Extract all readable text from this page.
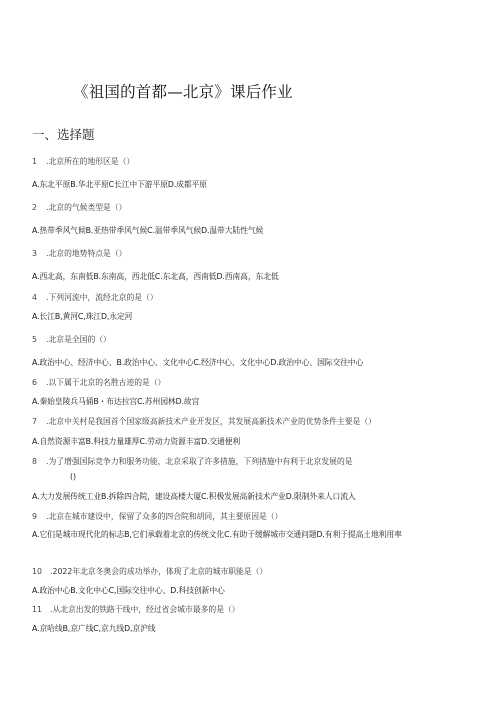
《祖国的首都—北京》课后作业
一、选择题
1 .北京所在的地形区是（）
A.东北平原B.华北平原C长江中下游平原D.成都平原
2 .北京的气候类型是（）
A.热带季风气候B.亚热带季风气候C.温带季风气候D.温带大陆性气候
3 .北京的地势特点是（）
A.西北高，东南低B.东南高，西北低C.东北高，西南低D.西南高，东北低
4 .下列河流中，流经北京的是（）
A.长江B,黄河C,珠江D,永定河
5 .北京是全国的（）
A.政治中心、经济中心、B.政治中心、文化中心C.经济中心、文化中心D.政治中心、国际交往中心
6 .以下属于北京的名胜古迹的是（）
A.秦始皇陵兵马俑B・布达拉宫C.苏州园林D.故宫
7 .北京中关村是我国首个国家级高新技术产业开发区，其发展高新技术产业的优势条件主要是（）
A.自然资源丰富B.科技力量雄厚C.劳动力资源丰富D.交通便利
8 .为了增强国际竞争力和服务功能，北京采取了许多措施，下列措施中有利于北京发展的是
()
A.大力发展传统工业B.拆除四合院，建设高楼大厦C.积极发展高新技术产业D.限制外来人口流入
9 .北京在城市建设中，保留了众多的四合院和胡同，其主要原因是（）
A.它们是城市现代化的标志B,它们承载着北京的传统文化C.有助于缓解城市交通问题D.有利于提高土地利用率
10 .2022年北京冬奥会的成功举办，体现了北京的城市职能是（）
A.政治中心B.文化中心C,国际交往中心、D.科技创新中心
11 .从北京出发的铁路干线中，经过省会城市最多的是（）
A.京哈线B,京广线C,京九线D,京沪线
